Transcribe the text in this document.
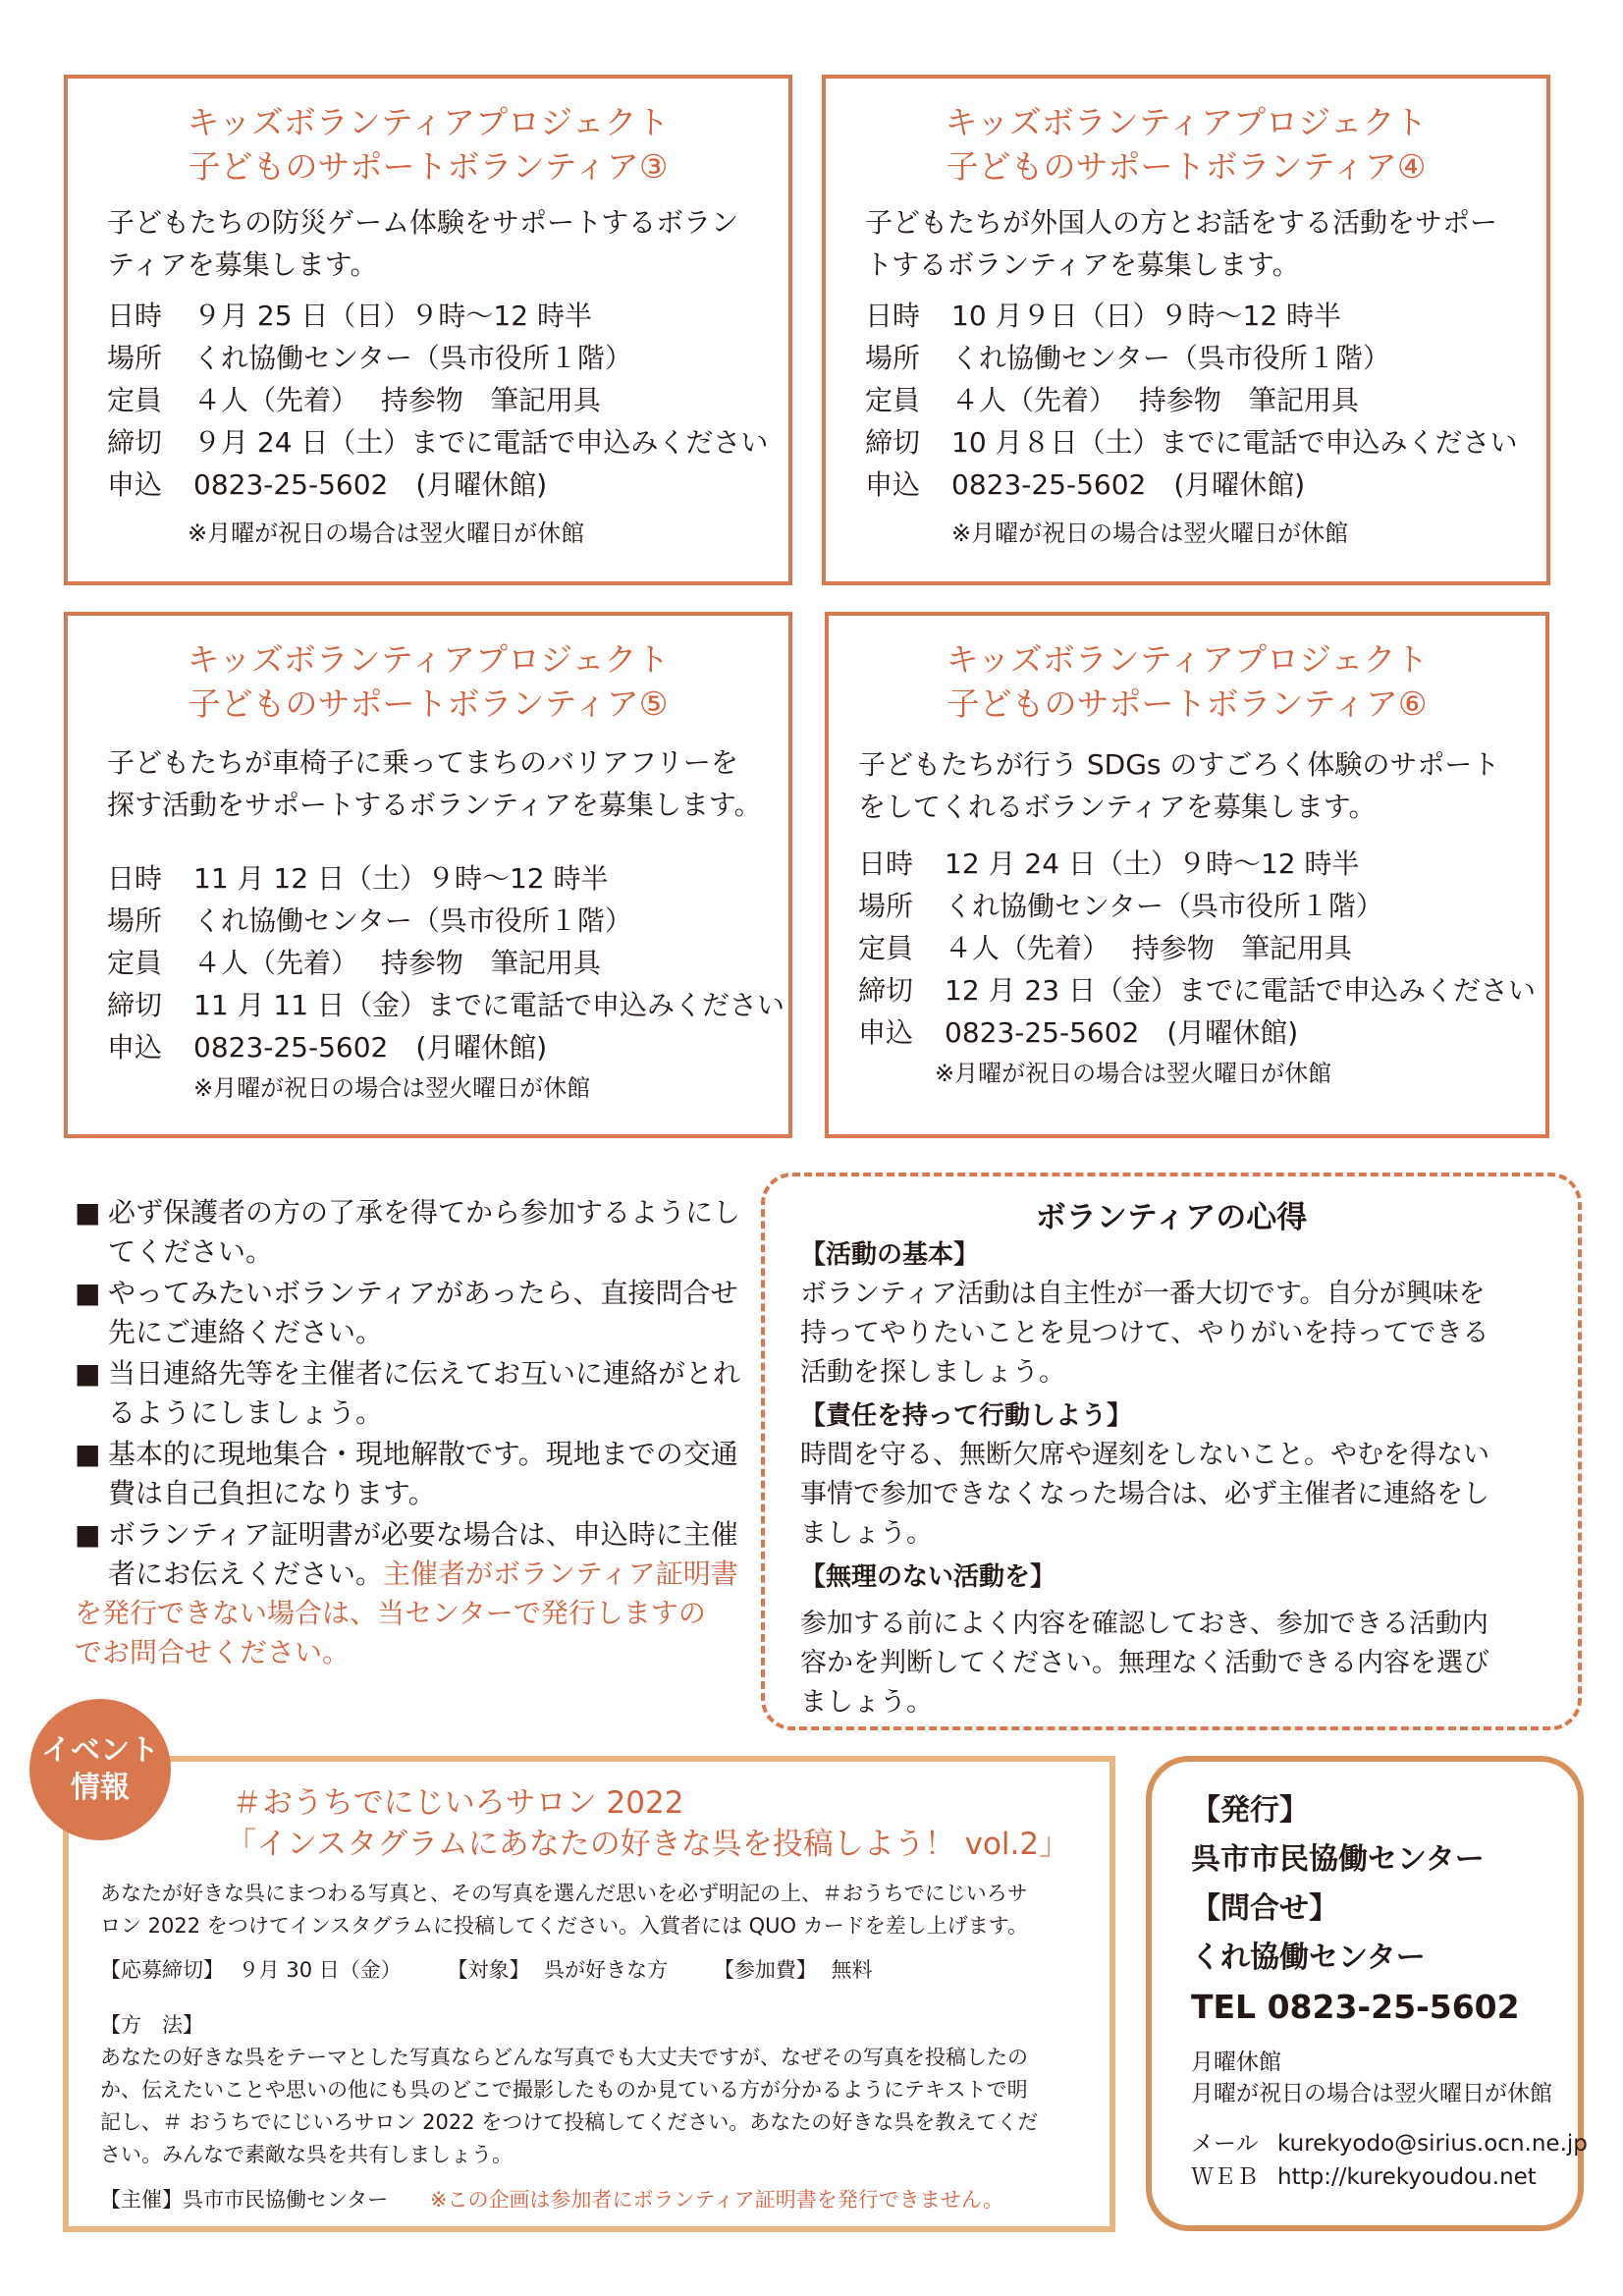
キッズボランティアプロジェクト
子どものサポートボランティア③
子どもたちの防災ゲーム体験をサポートするボラン
ティアを募集します。
日時 ９月 25 日（日）９時〜12 時半
場所 くれ協働センター（呉市役所１階）
定員 ４人（先着）　 持参物　筆記用具
締切 ９月 24 日（土）までに電話で申込みください
申込 0823-25-5602　(月曜休館)
※月曜が祝日の場合は翌火曜日が休館
キッズボランティアプロジェクト
子どものサポートボランティア④
子どもたちが外国人の方とお話をする活動をサポー
トするボランティアを募集します。
日時 10 月９日（日）９時〜12 時半
場所 くれ協働センター（呉市役所１階）
定員 ４人（先着）　 持参物　筆記用具
締切 10 月８日（土）までに電話で申込みください
申込 0823-25-5602　(月曜休館)
※月曜が祝日の場合は翌火曜日が休館
キッズボランティアプロジェクト
子どものサポートボランティア⑤
子どもたちが車椅子に乗ってまちのバリアフリーを
探す活動をサポートするボランティアを募集します。
日時 11 月 12 日（土）９時〜12 時半
場所 くれ協働センター（呉市役所１階）
定員 ４人（先着）　 持参物　筆記用具
締切 11 月 11 日（金）までに電話で申込みください
申込 0823-25-5602　(月曜休館)
※月曜が祝日の場合は翌火曜日が休館
キッズボランティアプロジェクト
子どものサポートボランティア⑥
子どもたちが行う SDGs のすごろく体験のサポート
をしてくれるボランティアを募集します。
日時 12 月 24 日（土）９時〜12 時半
場所 くれ協働センター（呉市役所１階）
定員 ４人（先着）　 持参物　筆記用具
締切 12 月 23 日（金）までに電話で申込みください
申込 0823-25-5602　(月曜休館)
※月曜が祝日の場合は翌火曜日が休館
■ 必ず保護者の方の了承を得てから参加するようにし
てください。
■ やってみたいボランティアがあったら、直接問合せ
先にご連絡ください。
■ 当日連絡先等を主催者に伝えてお互いに連絡がとれ
るようにしましょう。
■ 基本的に現地集合・現地解散です。現地までの交通
費は自己負担になります。
■ ボランティア証明書が必要な場合は、申込時に主催
者にお伝えください。主催者がボランティア証明書
を発行できない場合は、当センターで発行しますの
でお問合せください。
ボランティアの心得
【活動の基本】
ボランティア活動は自主性が一番大切です。自分が興味を
持ってやりたいことを見つけて、やりがいを持ってできる
活動を探しましょう。
【責任を持って行動しよう】
時間を守る、無断欠席や遅刻をしないこと。やむを得ない
事情で参加できなくなった場合は、必ず主催者に連絡をし
ましょう。
【無理のない活動を】
参加する前によく内容を確認しておき、参加できる活動内
容かを判断してください。無理なく活動できる内容を選び
ましょう。
＃おうちでにじいろサロン 2022
「インスタグラムにあなたの好きな呉を投稿しよう！ vol.2」
あなたが好きな呉にまつわる写真と、その写真を選んだ思いを必ず明記の上、＃おうちでにじいろサ
ロン 2022 をつけてインスタグラムに投稿してください。入賞者には QUO カードを差し上げます。
【応募締切】 ９月 30 日（金） 【対象】 呉が好きな方 【参加費】 無料
【方　法】
あなたの好きな呉をテーマとした写真ならどんな写真でも大丈夫ですが、なぜその写真を投稿したの
か、伝えたいことや思いの他にも呉のどこで撮影したものか見ている方が分かるようにテキストで明
記し、＃ おうちでにじいろサロン 2022 をつけて投稿してください。あなたの好きな呉を教えてくだ
さい。みんなで素敵な呉を共有しましょう。
【主催】呉市市民協働センター ※この企画は参加者にボランティア証明書を発行できません。
イベント
情報
【発行】
呉市市民協働センター
【問合せ】
くれ協働センター
TEL 0823-25-5602
月曜休館
月曜が祝日の場合は翌火曜日が休館
メール kurekyodo@sirius.ocn.ne.jp
ＷＥＢ http://kurekyoudou.net
